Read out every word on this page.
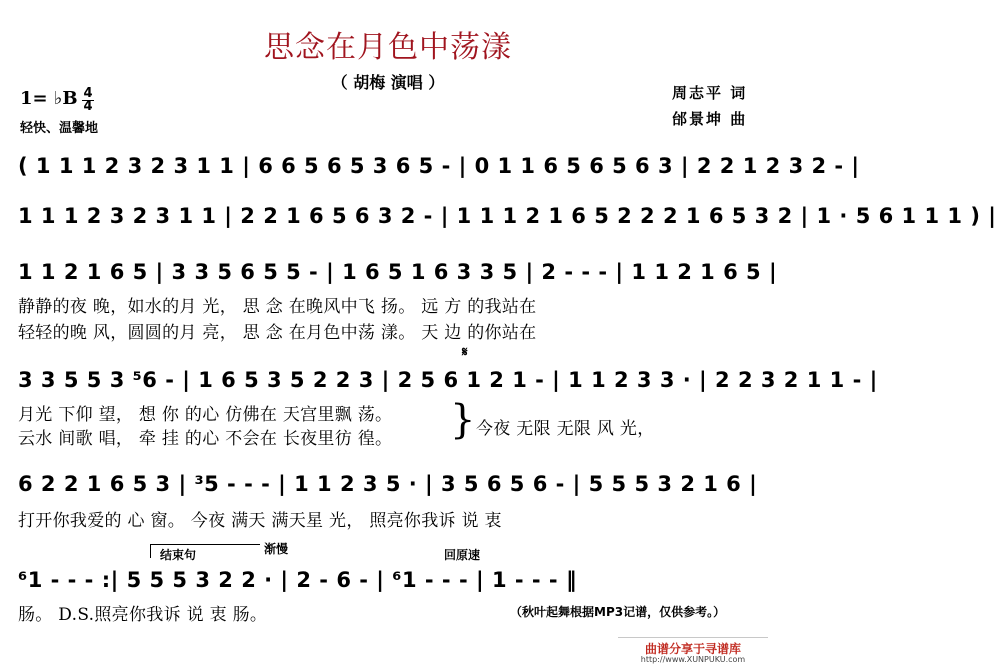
思念在月色中荡漾
（ 胡梅 演唱 ）
1= ♭B 4
4
轻快、温馨地
周志平 词
邰景坤 曲
( 1 1 1 2 3 2 3 1 1 | 6 6 5 6 5 3 6 5 - | 0 1 1 6 5 6 5 6 3 | 2 2 1 2 3 2 - |
1 1 1 2 3 2 3 1 1 | 2 2 1 6 5 6 3 2 - | 1 1 1 2 1 6 5 2 2 2 1 6 5 3 2 | 1 · 5 6 1 1 1 ) |
1 1 2 1 6 5 | 3 3 5 6 5 5 - | 1 6 5 1 6 3 3 5 | 2 - - - | 1 1 2 1 6 5 |
3 3 5 5 3 ⁵6 - | 1 6 5 3 5 2 2 3 | 2 5 6 1 2 1 - | 1 1 2 3 3 · | 2 2 3 2 1 1 - |
𝄋
6 2 2 1 6 5 3 | ³5 - - - | 1 1 2 3 5 · | 3 5 6 5 6 - | 5 5 5 3 2 1 6 |
⁶1 - - - :| 5 5 5 3 2 2 · | 2 - 6 - | ⁶1 - - - | 1 - - - ‖
静静的夜 晚，如水的月 光， 思 念 在晚风中飞 扬。 远 方 的我站在
轻轻的晚 风，圆圆的月 亮， 思 念 在月色中荡 漾。 天 边 的你站在
月光 下仰 望， 想 你 的心 仿佛在 天宫里飘 荡。
云水 间歌 唱， 牵 挂 的心 不会在 长夜里彷 徨。 } 今夜 无限 无限 风 光，
打开你我爱的 心 窗。 今夜 满天 满天星 光， 照亮你我诉 说 衷
肠。 D.S.照亮你我诉 说 衷 肠。	（秋叶起舞根据MP3记谱，仅供参考。）
结束句	渐慢	回原速
曲谱分享于寻谱库
http://www.XUNPUKU.com
